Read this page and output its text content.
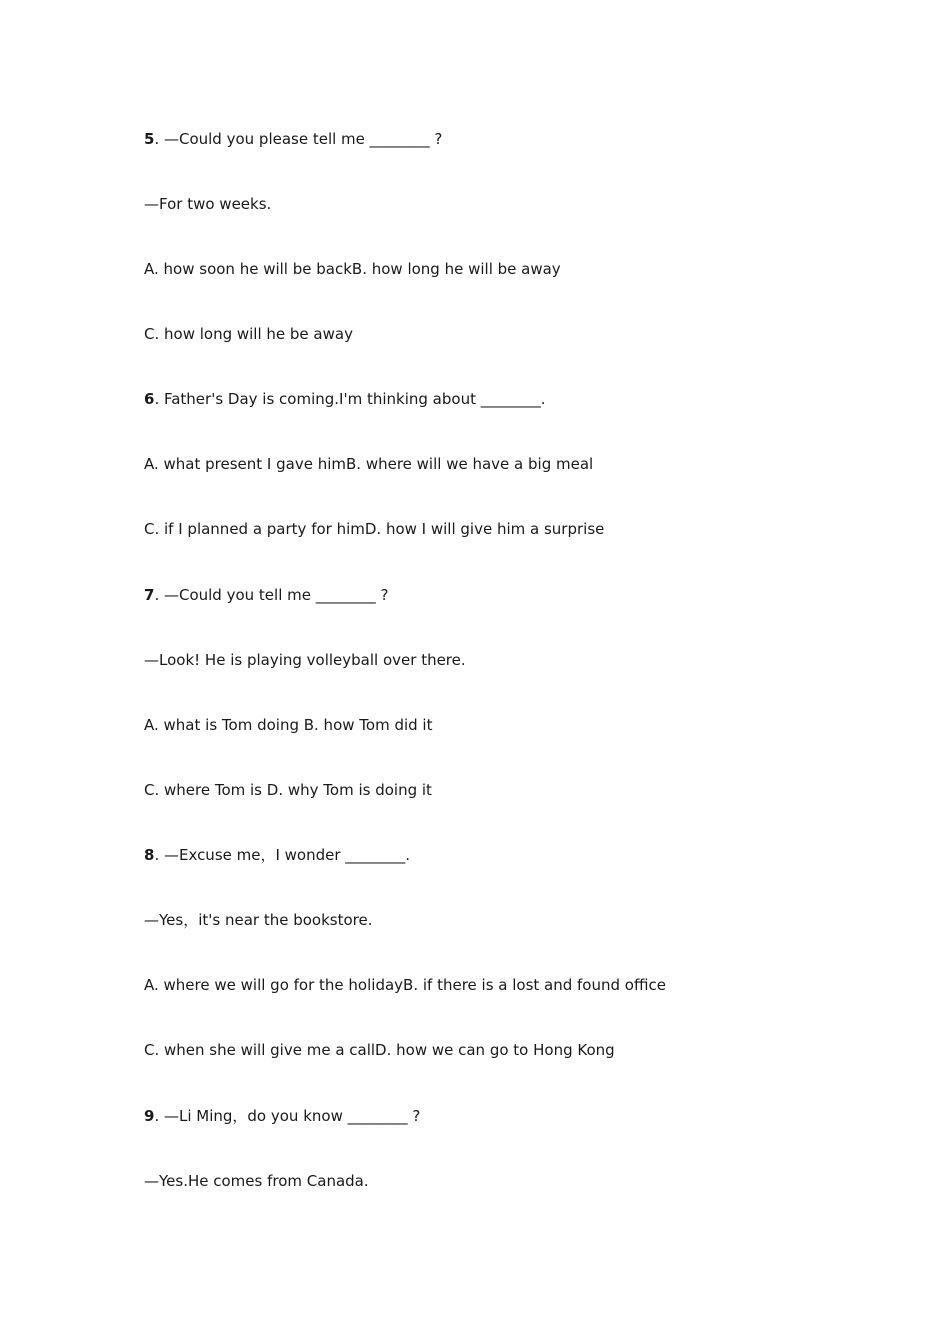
5. —Could you please tell me ________ ?
—For two weeks.
A. how soon he will be backB. how long he will be away
C. how long will he be away
6. Father's Day is coming.I'm thinking about ________.
A. what present I gave himB. where will we have a big meal
C. if I planned a party for himD. how I will give him a surprise
7. —Could you tell me ________ ?
—Look! He is playing volleyball over there.
A. what is Tom doing B. how Tom did it
C. where Tom is D. why Tom is doing it
8. —Excuse me，I wonder ________.
—Yes，it's near the bookstore.
A. where we will go for the holidayB. if there is a lost and found office
C. when she will give me a callD. how we can go to Hong Kong
9. —Li Ming，do you know ________ ?
—Yes.He comes from Canada.
